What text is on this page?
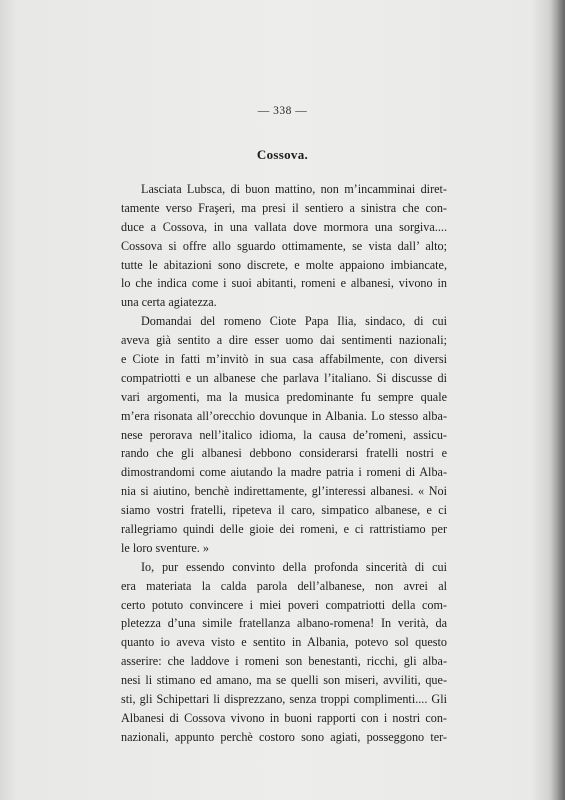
— 338 —
Cossova.
Lasciata Lubsca, di buon mattino, non m’incamminai diret-
tamente verso Fraşeri, ma presi il sentiero a sinistra che con-
duce a Cossova, in una vallata dove mormora una sorgiva....
Cossova si offre allo sguardo ottimamente, se vista dall’ alto;
tutte le abitazioni sono discrete, e molte appaiono imbiancate,
lo che indica come i suoi abitanti, romeni e albanesi, vivono in
una certa agiatezza.
Domandai del romeno Ciote Papa Ilia, sindaco, di cui
aveva già sentito a dire esser uomo dai sentimenti nazionali;
e Ciote in fatti m’invitò in sua casa affabilmente, con diversi
compatriotti e un albanese che parlava l’italiano. Si discusse di
vari argomenti, ma la musica predominante fu sempre quale
m’era risonata all’orecchio dovunque in Albania. Lo stesso alba-
nese perorava nell’italico idioma, la causa de’romeni, assicu-
rando che gli albanesi debbono considerarsi fratelli nostri e
dimostrandomi come aiutando la madre patria i romeni di Alba-
nia si aiutino, benchè indirettamente, gl’interessi albanesi. « Noi
siamo vostri fratelli, ripeteva il caro, simpatico albanese, e ci
rallegriamo quindi delle gioie dei romeni, e ci rattristiamo per
le loro sventure. »
Io, pur essendo convinto della profonda sincerità di cui
era materiata la calda parola dell’albanese, non avrei al
certo potuto convincere i miei poveri compatriotti della com-
pletezza d’una simile fratellanza albano-romena! In verità, da
quanto io aveva visto e sentito in Albania, potevo sol questo
asserire: che laddove i romeni son benestanti, ricchi, gli alba-
nesi li stimano ed amano, ma se quelli son miseri, avviliti, que-
sti, gli Schipettari li disprezzano, senza troppi complimenti.... Gli
Albanesi di Cossova vivono in buoni rapporti con i nostri con-
nazionali, appunto perchè costoro sono agiati, posseggono ter-
